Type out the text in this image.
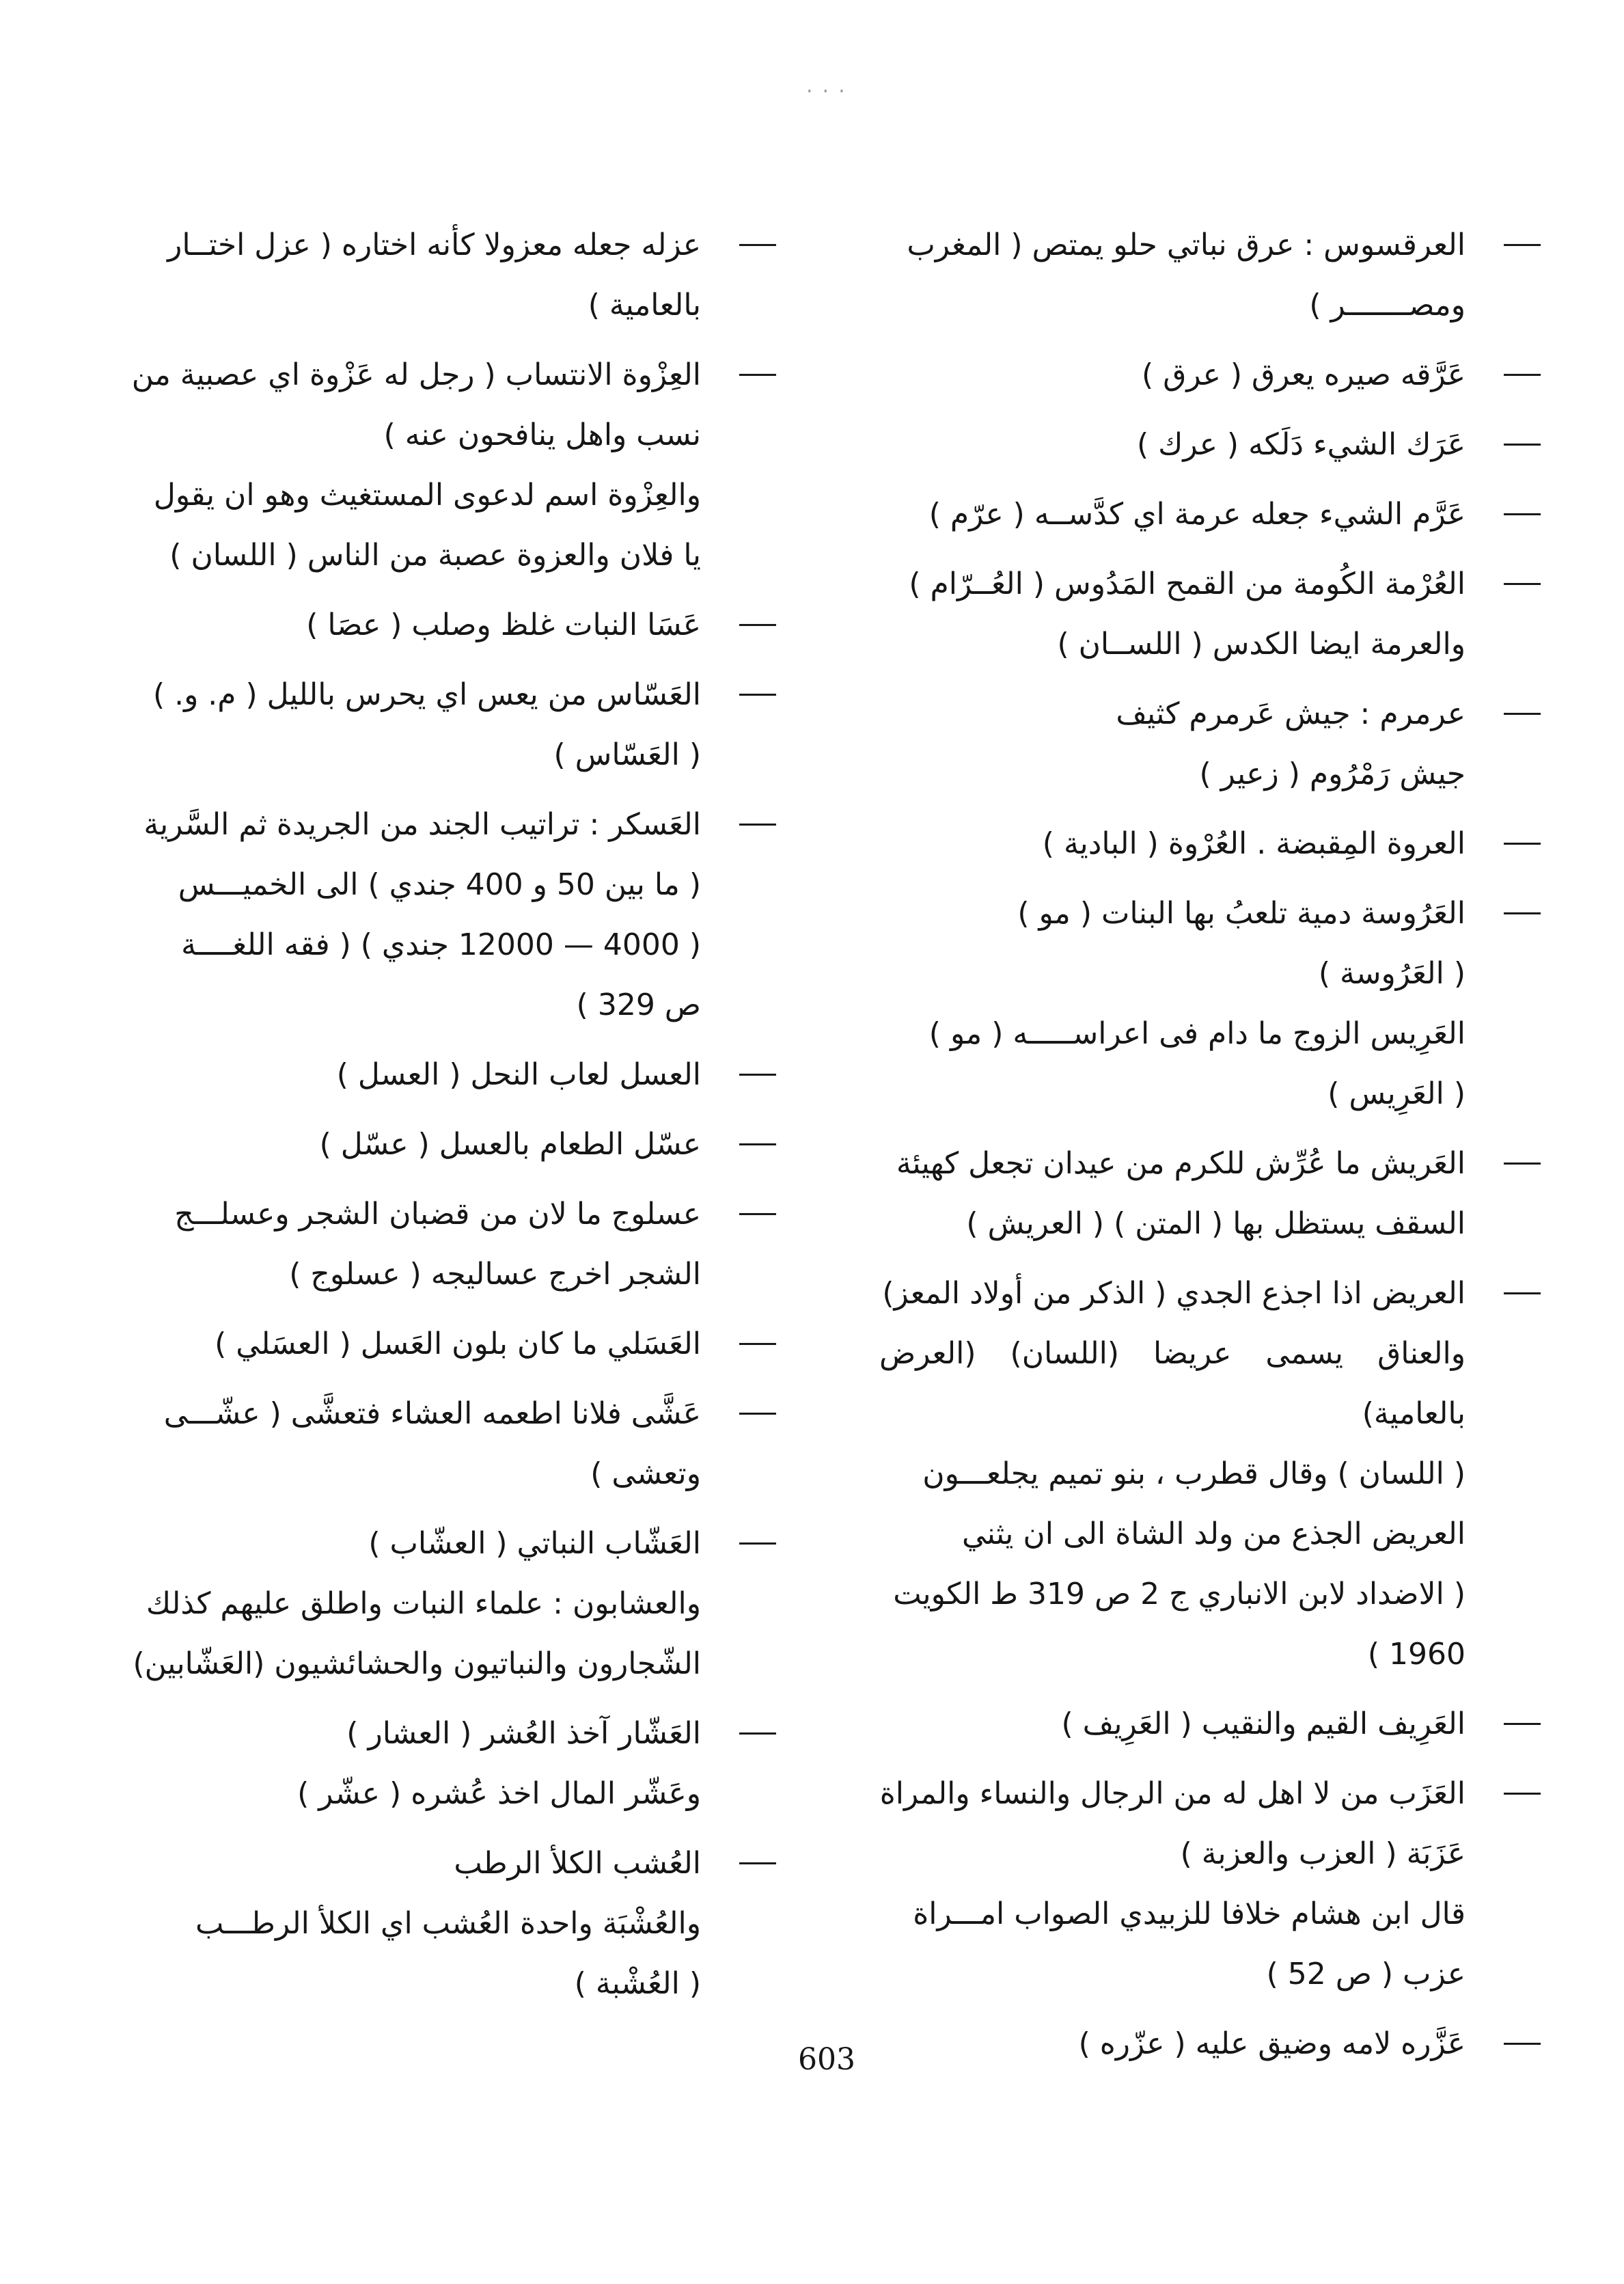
...
العرقسوس : عرق نباتي حلو يمتص ( المغرب
ومصـــــــر )
عَرَّقه صيره يعرق ( عرق )
عَرَك الشيء دَلَكه ( عرك )
عَرَّم الشيء جعله عرمة اي كدَّســه ( عرّم )
العُرْمة الكُومة من القمح المَدُوس ( العُــرّام )
والعرمة ايضا الكدس ( اللســان )
عرمرم : جيش عَرمرم كثيف
جيش رَمْرُوم ( زعير )
العروة المِقبضة . العُرْوة ( البادية )
العَرُوسة دمية تلعبُ بها البنات ( مو )
( العَرُوسة )
العَرِيس الزوج ما دام فى اعراســـــه ( مو )
( العَرِيس )
العَريش ما عُرِّش للكرم من عيدان تجعل كهيئة
السقف يستظل بها ( المتن ) ( العريش )
العريض اذا اجذع الجدي ( الذكر من أولاد المعز)
والعناق يسمى عريضا (اللسان) (العرض بالعامية)
( اللسان ) وقال قطرب ، بنو تميم يجلعـــون
العريض الجذع من ولد الشاة الى ان يثني
( الاضداد لابن الانباري ج 2 ص 319 ط الكويت
1960 )
العَرِيف القيم والنقيب ( العَرِيف )
العَزَب من لا اهل له من الرجال والنساء والمراة
عَزَبَة ( العزب والعزبة )
قال ابن هشام خلافا للزبيدي الصواب امـــراة
عزب ( ص 52 )
عَزَّره لامه وضيق عليه ( عزّره )
عزله جعله معزولا كأنه اختاره ( عزل اختــار
بالعامية )
العِزْوة الانتساب ( رجل له عَزْوة اي عصبية من
نسب واهل ينافحون عنه )
والعِزْوة اسم لدعوى المستغيث وهو ان يقول
يا فلان والعزوة عصبة من الناس ( اللسان )
عَسَا النبات غلظ وصلب ( عصَا )
العَسّاس من يعس اي يحرس بالليل ( م. و. )
( العَسّاس )
العَسكر : تراتيب الجند من الجريدة ثم السَّرية
( ما بين 50 و 400 جندي ) الى الخميـــس
( 4000 — 12000 جندي ) ( فقه اللغــــة
ص 329 )
العسل لعاب النحل ( العسل )
عسّل الطعام بالعسل ( عسّل )
عسلوج ما لان من قضبان الشجر وعسلـــج
الشجر اخرج عساليجه ( عسلوج )
العَسَلي ما كان بلون العَسل ( العسَلي )
عَشَّى فلانا اطعمه العشاء فتعشَّى ( عشّـــى
وتعشى )
العَشّاب النباتي ( العشّاب )
والعشابون : علماء النبات واطلق عليهم كذلك
الشّجارون والنباتيون والحشائشيون (العَشّابين)
العَشّار آخذ العُشر ( العشار )
وعَشّر المال اخذ عُشره ( عشّر )
العُشب الكلأ الرطب
والعُشْبَة واحدة العُشب اي الكلأ الرطـــب
( العُشْبة )
603
